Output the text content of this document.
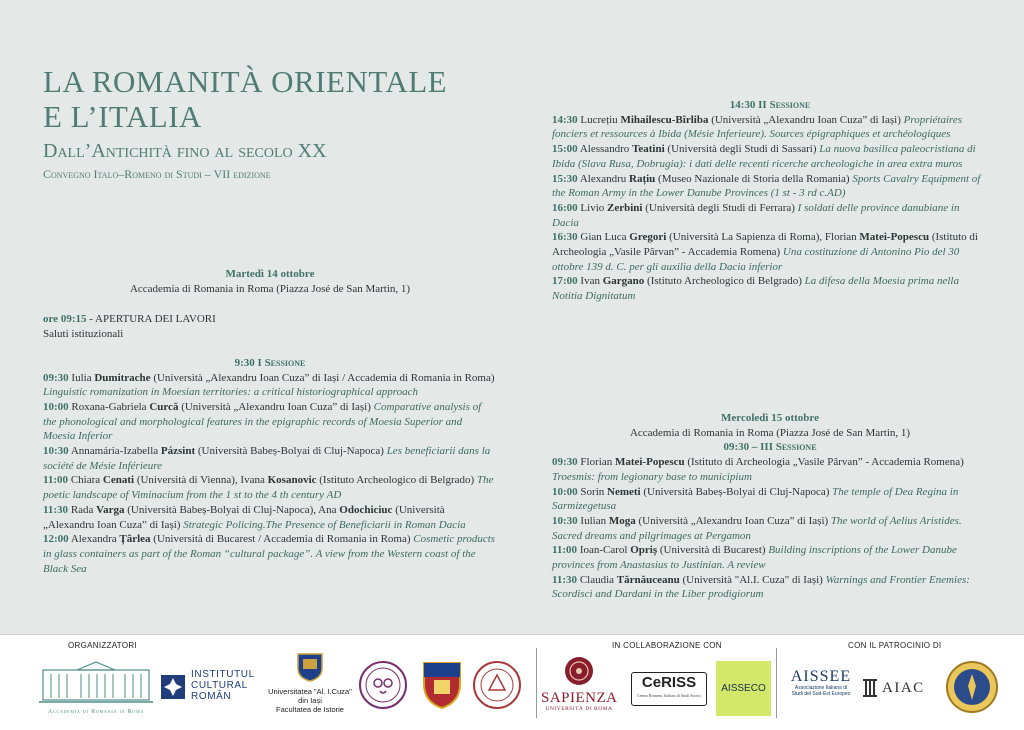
LA ROMANITÀ ORIENTALE
E L’ITALIA
Dall’Antichità fino al secolo XX
Convegno Italo–Romeno di Studi – VII edizione

Martedì 14 ottobre

Accademia di Romania in Roma (Piazza José de San Martin, 1)

ore 09:15 - APERTURA DEI LAVORI

Saluti istituzionali

9:30 I Sessione

09:30 Iulia Dumitrache (Università „Alexandru Ioan Cuza” di Iași / Accademia di Romania in Roma) Linguistic romanization in Moesian territories: a critical historiographical approach

10:00 Roxana-Gabriela Curcă (Università „Alexandru Ioan Cuza” di Iași) Comparative analysis of the phonological and morphological features in the epigraphic records of Moesia Superior and Moesia Inferior

10:30 Annamária-Izabella Pázsint (Università Babeș-Bolyai di Cluj-Napoca) Les beneficiarii dans la société de Mésie Inférieure

11:00 Chiara Cenati (Università di Vienna), Ivana Kosanovic (Istituto Archeologico di Belgrado) The poetic landscape of Viminacium from the 1 st to the 4 th century AD

11:30 Rada Varga (Università Babeș-Bolyai di Cluj-Napoca), Ana Odochiciuc (Università „Alexandru Ioan Cuza” di Iași) Strategic Policing.The Presence of Beneficiarii in Roman Dacia

12:00 Alexandra Țârlea (Università di Bucarest / Accademia di Romania in Roma) Cosmetic products in glass containers as part of the Roman “cultural package”. A view from the Western coast of the Black Sea

14:30 II Sessione

14:30 Lucrețiu Mihailescu-Bîrliba (Università „Alexandru Ioan Cuza” di Iași) Propriétaires fonciers et ressources à Ibida (Mésie Inferieure). Sources épigraphiques et archéologiques

15:00 Alessandro Teatini (Università degli Studi di Sassari) La nuova basilica paleocristiana di Ibida (Slava Rusa, Dobrugia): i dati delle recenti ricerche archeologiche in area extra muros

15:30 Alexandru Rațiu (Museo Nazionale di Storia della Romania) Sports Cavalry Equipment of the Roman Army in the Lower Danube Provinces (1 st - 3 rd c.AD)

16:00 Livio Zerbini (Università degli Studi di Ferrara) I soldati delle province danubiane in Dacia

16:30 Gian Luca Gregori (Università La Sapienza di Roma), Florian Matei-Popescu (Istituto di Archeologia „Vasile Pârvan” - Accademia Romena) Una costituzione di Antonino Pio del 30 ottobre 139 d. C. per gli auxilia della Dacia inferior

17:00 Ivan Gargano (Istituto Archeologico di Belgrado) La difesa della Moesia prima nella Notitia Dignitatum

Mercoledì 15 ottobre

Accademia di Romania in Roma (Piazza José de San Martin, 1)

09:30 – III Sessione

09:30 Florian Matei-Popescu (Istituto di Archeologia „Vasile Pârvan” - Accademia Romena) Troesmis: from legionary base to municipium

10:00 Sorin Nemeti (Università Babeș-Bolyai di Cluj-Napoca) The temple of Dea Regina in Sarmizegetusa

10:30 Iulian Moga (Università „Alexandru Ioan Cuza” di Iași) The world of Aelius Aristides. Sacred dreams and pilgrimages at Pergamon

11:00 Ioan-Carol Opriș (Università di Bucarest) Building inscriptions of the Lower Danube provinces from Anastasius to Justinian. A review

11:30 Claudia Tărnăuceanu (Università "Al.I. Cuza" di Iași) Warnings and Frontier Enemies: Scordisci and Dardani in the Liber prodigiorum

ORGANIZZATORI	IN COLLABORAZIONE CON	CON IL PATROCINIO DI
Accademia di Romania in Roma
INSTITUTUL
CULTURAL
ROMÂN	Universitatea "Al. I.Cuza"
din Iași
Facultatea de Istorie
SAPIENZA
UNIVERSITÀ DI ROMA
CeRISS
Centro Romeno Italiano di Studi Storici
AISSECO
AISSEE
Associazione Italiana di
Studi del Sud-Est Europeo	AIAC
